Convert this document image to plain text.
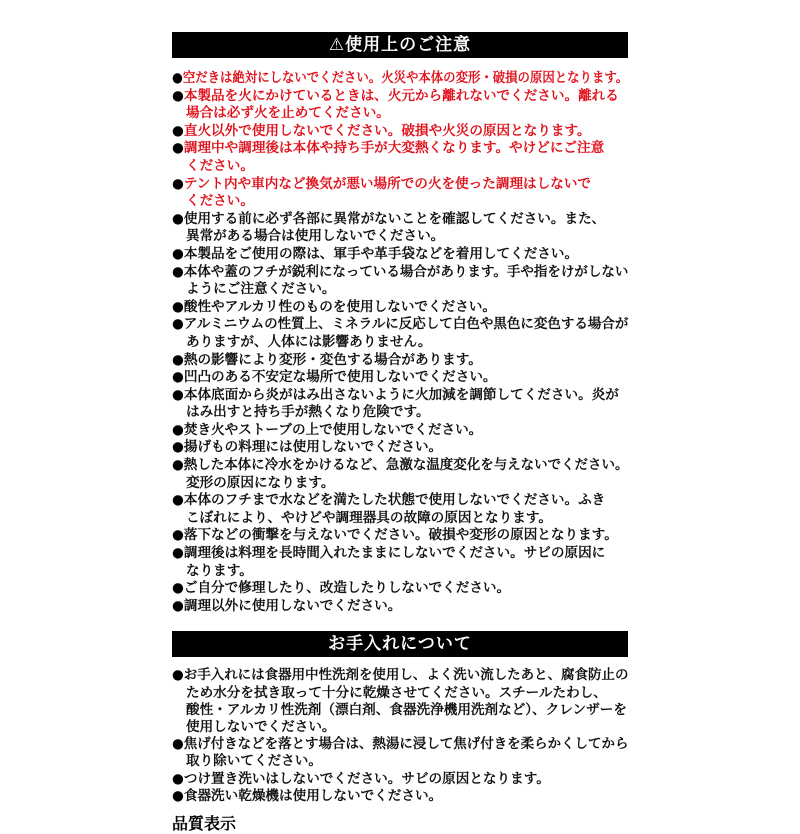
⚠使用上のご注意
●空だきは絶対にしないでください。火災や本体の変形・破損の原因となります。
●本製品を火にかけているときは、火元から離れないでください。離れる
場合は必ず火を止めてください。
●直火以外で使用しないでください。破損や火災の原因となります。
●調理中や調理後は本体や持ち手が大変熱くなります。やけどにご注意
ください。
●テント内や車内など換気が悪い場所での火を使った調理はしないで
ください。
●使用する前に必ず各部に異常がないことを確認してください。また、
異常がある場合は使用しないでください。
●本製品をご使用の際は、軍手や革手袋などを着用してください。
●本体や蓋のフチが鋭利になっている場合があります。手や指をけがしない
ようにご注意ください。
●酸性やアルカリ性のものを使用しないでください。
●アルミニウムの性質上、ミネラルに反応して白色や黒色に変色する場合が
ありますが、人体には影響ありません。
●熱の影響により変形・変色する場合があります。
●凹凸のある不安定な場所で使用しないでください。
●本体底面から炎がはみ出さないように火加減を調節してください。炎が
はみ出すと持ち手が熱くなり危険です。
●焚き火やストーブの上で使用しないでください。
●揚げもの料理には使用しないでください。
●熱した本体に冷水をかけるなど、急激な温度変化を与えないでください。
変形の原因になります。
●本体のフチまで水などを満たした状態で使用しないでください。ふき
こぼれにより、やけどや調理器具の故障の原因となります。
●落下などの衝撃を与えないでください。破損や変形の原因となります。
●調理後は料理を長時間入れたままにしないでください。サビの原因に
なります。
●ご自分で修理したり、改造したりしないでください。
●調理以外に使用しないでください。
お手入れについて
●お手入れには食器用中性洗剤を使用し、よく洗い流したあと、腐食防止の
ため水分を拭き取って十分に乾燥させてください。スチールたわし、
酸性・アルカリ性洗剤（漂白剤、食器洗浄機用洗剤など）、クレンザーを
使用しないでください。
●焦げ付きなどを落とす場合は、熱湯に浸して焦げ付きを柔らかくしてから
取り除いてください。
●つけ置き洗いはしないでください。サビの原因となります。
●食器洗い乾燥機は使用しないでください。
品質表示
